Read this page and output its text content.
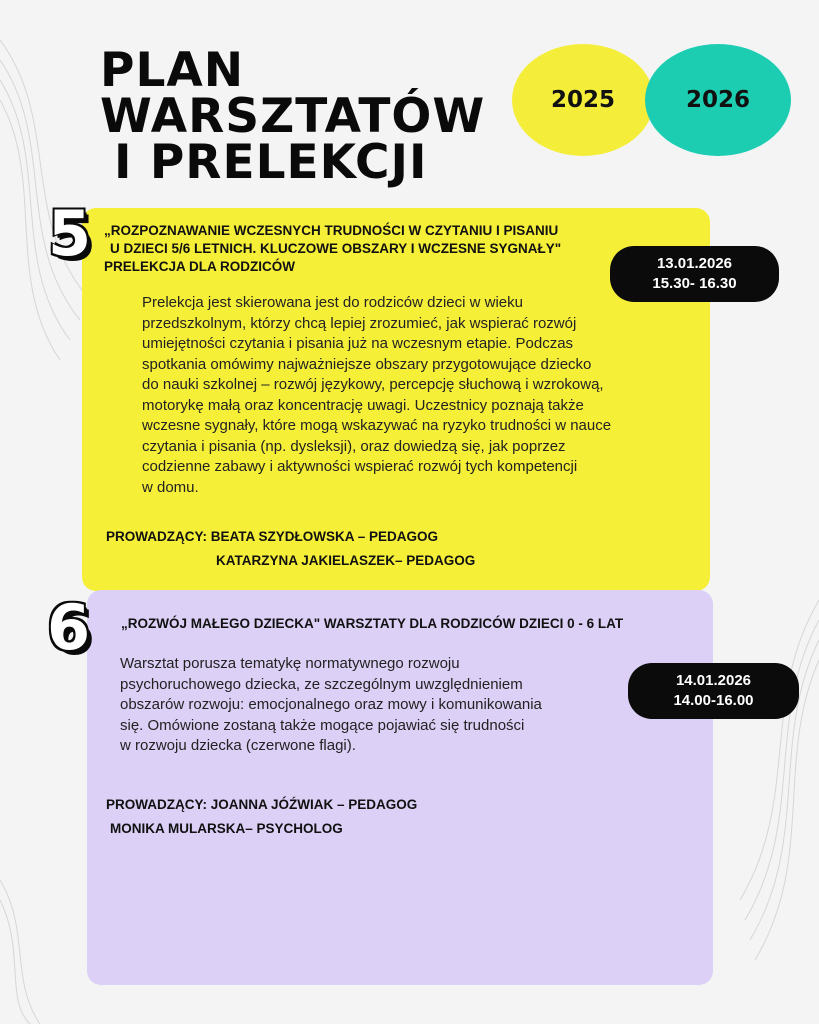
PLAN
WARSZTATÓW
I PRELEKCJI
2025	2026
5 „ROZPOZNAWANIE WCZESNYCH TRUDNOŚCI W CZYTANIU I PISANIU
U DZIECI 5/6 LETNICH. KLUCZOWE OBSZARY I WCZESNE SYGNAŁY"
PRELEKCJA DLA RODZICÓW	13.01.2026
15.30- 16.30

Prelekcja jest skierowana jest do rodziców dzieci w wieku
przedszkolnym, którzy chcą lepiej zrozumieć, jak wspierać rozwój
umiejętności czytania i pisania już na wczesnym etapie. Podczas
spotkania omówimy najważniejsze obszary przygotowujące dziecko
do nauki szkolnej – rozwój językowy, percepcję słuchową i wzrokową,
motorykę małą oraz koncentrację uwagi. Uczestnicy poznają także
wczesne sygnały, które mogą wskazywać na ryzyko trudności w nauce
czytania i pisania (np. dysleksji), oraz dowiedzą się, jak poprzez
codzienne zabawy i aktywności wspierać rozwój tych kompetencji
w domu.

PROWADZĄCY: BEATA SZYDŁOWSKA – PEDAGOG
KATARZYNA JAKIELASZEK– PEDAGOG
6 „ROZWÓJ MAŁEGO DZIECKA" WARSZTATY DLA RODZICÓW DZIECI 0 - 6 LAT
14.01.2026
14.00-16.00

Warsztat porusza tematykę normatywnego rozwoju
psychoruchowego dziecka, ze szczególnym uwzględnieniem
obszarów rozwoju: emocjonalnego oraz mowy i komunikowania
się. Omówione zostaną także mogące pojawiać się trudności
w rozwoju dziecka (czerwone flagi).

PROWADZĄCY: JOANNA JÓŹWIAK – PEDAGOG
MONIKA MULARSKA– PSYCHOLOG
